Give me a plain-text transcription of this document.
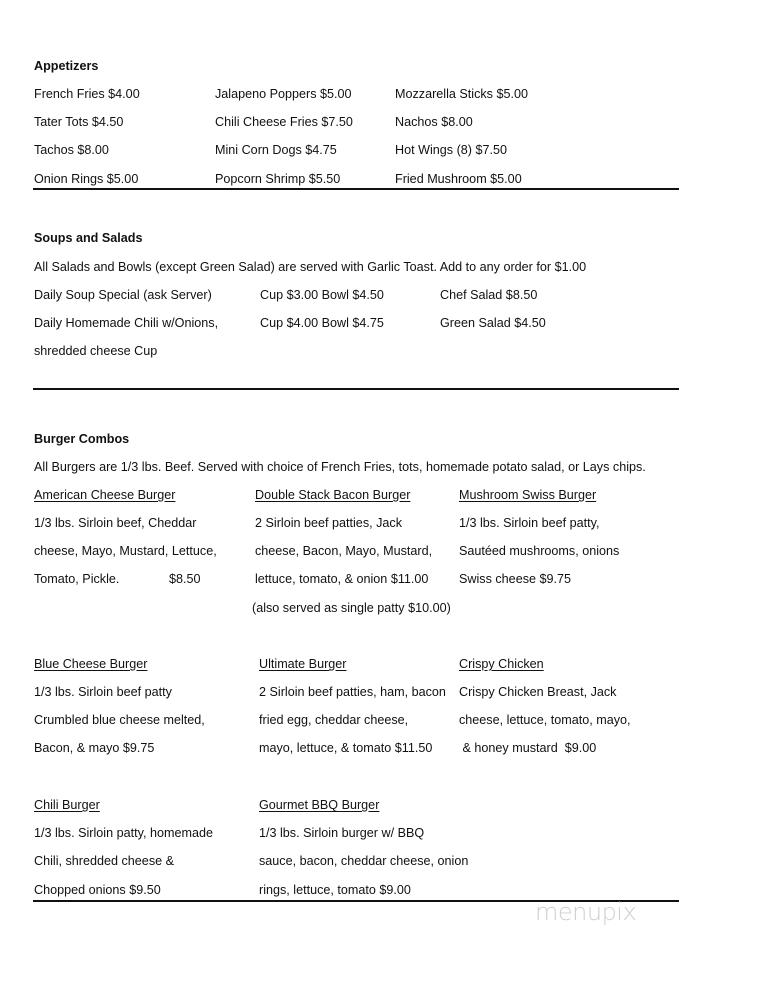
Appetizers
French Fries $4.00	Jalapeno Poppers $5.00	Mozzarella Sticks $5.00
Tater Tots $4.50	Chili Cheese Fries $7.50	Nachos $8.00
Tachos $8.00	Mini Corn Dogs $4.75	Hot Wings (8) $7.50
Onion Rings $5.00	Popcorn Shrimp $5.50	Fried Mushroom $5.00
Soups and Salads
All Salads and Bowls (except Green Salad) are served with Garlic Toast. Add to any order for $1.00
Daily Soup Special (ask Server)	Cup $3.00 Bowl $4.50	Chef Salad $8.50
Daily Homemade Chili w/Onions,	Cup $4.00 Bowl $4.75	Green Salad $4.50
shredded cheese Cup
Burger Combos
All Burgers are 1/3 lbs. Beef. Served with choice of French Fries, tots, homemade potato salad, or Lays chips.
American Cheese Burger
1/3 lbs. Sirloin beef, Cheddar
cheese, Mayo, Mustard, Lettuce,
Tomato, Pickle.	$8.50
Double Stack Bacon Burger
2 Sirloin beef patties, Jack
cheese, Bacon, Mayo, Mustard,
lettuce, tomato, & onion $11.00
(also served as single patty $10.00)
Mushroom Swiss Burger
1/3 lbs. Sirloin beef patty,
Sautéed mushrooms, onions
Swiss cheese $9.75
Blue Cheese Burger
1/3 lbs. Sirloin beef patty
Crumbled blue cheese melted,
Bacon, & mayo $9.75
Ultimate Burger
2 Sirloin beef patties, ham, bacon
fried egg, cheddar cheese,
mayo, lettuce, & tomato $11.50
Crispy Chicken
Crispy Chicken Breast, Jack
cheese, lettuce, tomato, mayo,
& honey mustard  $9.00
Chili Burger
1/3 lbs. Sirloin patty, homemade
Chili, shredded cheese &
Chopped onions $9.50
Gourmet BBQ Burger
1/3 lbs. Sirloin burger w/ BBQ
sauce, bacon, cheddar cheese, onion
rings, lettuce, tomato $9.00
menupix
